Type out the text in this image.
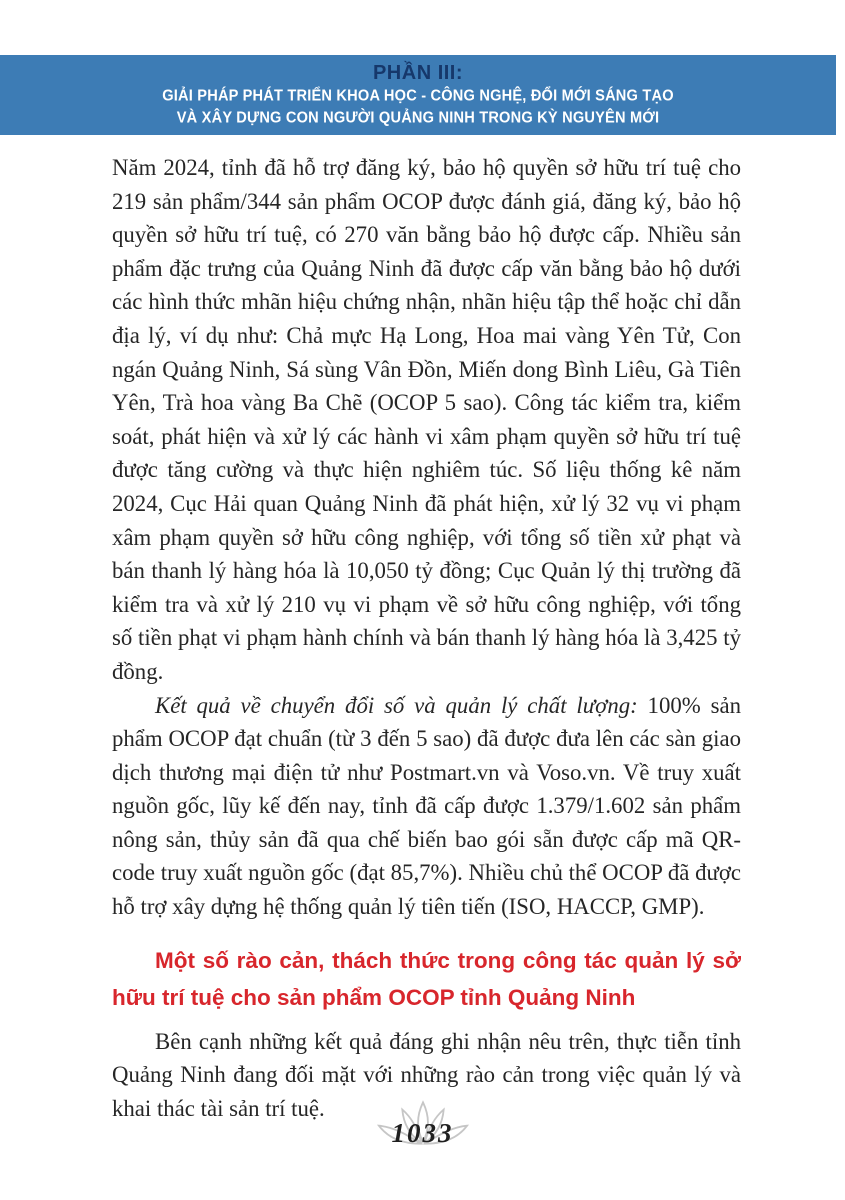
PHẦN III:
GIẢI PHÁP PHÁT TRIỂN KHOA HỌC - CÔNG NGHỆ, ĐỔI MỚI SÁNG TẠO
VÀ XÂY DỰNG CON NGƯỜI QUẢNG NINH TRONG KỲ NGUYÊN MỚI

Năm 2024, tỉnh đã hỗ trợ đăng ký, bảo hộ quyền sở hữu trí tuệ cho 219 sản phẩm/344 sản phẩm OCOP được đánh giá, đăng ký, bảo hộ quyền sở hữu trí tuệ, có 270 văn bằng bảo hộ được cấp. Nhiều sản phẩm đặc trưng của Quảng Ninh đã được cấp văn bằng bảo hộ dưới các hình thức mhãn hiệu chứng nhận, nhãn hiệu tập thể hoặc chỉ dẫn địa lý, ví dụ như: Chả mực Hạ Long, Hoa mai vàng Yên Tử, Con ngán Quảng Ninh, Sá sùng Vân Đồn, Miến dong Bình Liêu, Gà Tiên Yên, Trà hoa vàng Ba Chẽ (OCOP 5 sao). Công tác kiểm tra, kiểm soát, phát hiện và xử lý các hành vi xâm phạm quyền sở hữu trí tuệ được tăng cường và thực hiện nghiêm túc. Số liệu thống kê năm 2024, Cục Hải quan Quảng Ninh đã phát hiện, xử lý 32 vụ vi phạm xâm phạm quyền sở hữu công nghiệp, với tổng số tiền xử phạt và bán thanh lý hàng hóa là 10,050 tỷ đồng; Cục Quản lý thị trường đã kiểm tra và xử lý 210 vụ vi phạm về sở hữu công nghiệp, với tổng số tiền phạt vi phạm hành chính và bán thanh lý hàng hóa là 3,425 tỷ đồng.

Kết quả về chuyển đổi số và quản lý chất lượng: 100% sản phẩm OCOP đạt chuẩn (từ 3 đến 5 sao) đã được đưa lên các sàn giao dịch thương mại điện tử như Postmart.vn và Voso.vn. Về truy xuất nguồn gốc, lũy kế đến nay, tỉnh đã cấp được 1.379/1.602 sản phẩm nông sản, thủy sản đã qua chế biến bao gói sẵn được cấp mã QR-code truy xuất nguồn gốc (đạt 85,7%). Nhiều chủ thể OCOP đã được hỗ trợ xây dựng hệ thống quản lý tiên tiến (ISO, HACCP, GMP).

Một số rào cản, thách thức trong công tác quản lý sở hữu trí tuệ cho sản phẩm OCOP tỉnh Quảng Ninh

Bên cạnh những kết quả đáng ghi nhận nêu trên, thực tiễn tỉnh Quảng Ninh đang đối mặt với những rào cản trong việc quản lý và khai thác tài sản trí tuệ.

1033
